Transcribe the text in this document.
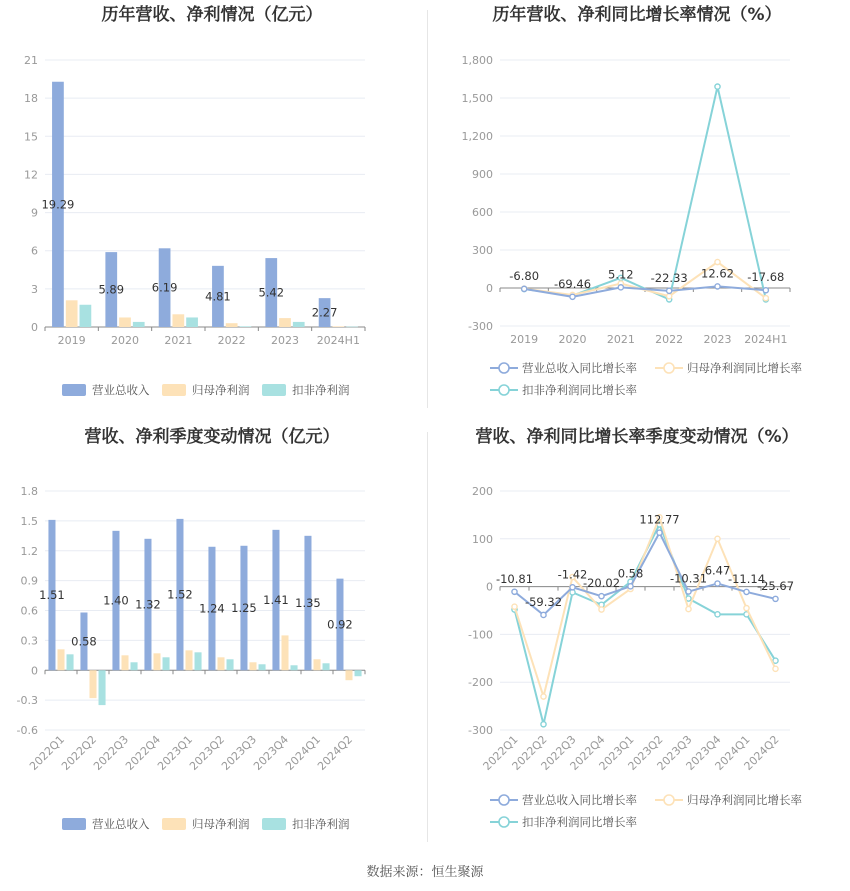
历年营收、净利情况（亿元）
21
18
15
12
9
6
3
0
2019 2020 2021 2022 2023 2024H1
19.29
5.89 6.19
4.81 5.42
2.27
营业总收入	归母净利润	扣非净利润
历年营收、净利同比增长率情况（%）
1,800
1,500
1,200
900
600
300
0
-300
2019 2020 2021 2022 2023 2024H1
-6.80
-69.46
5.12 -22.33 12.62 -17.68
营业总收入同比增长率	归母净利润同比增长率
扣非净利润同比增长率
营收、净利季度变动情况（亿元）
1.8
1.5
1.2
0.9
0.6
0.3
0
-0.3
-0.6
2022Q1
2022Q2
2022Q3
2022Q4
2023Q1
2023Q2
2023Q3
2023Q4
2024Q1
2024Q2
1.51
0.58
1.40 1.32
1.52
1.24 1.25
1.41 1.35
0.92
营业总收入	归母净利润	扣非净利润
营收、净利同比增长率季度变动情况（%）
200
100
0
-100
-200
-300
2022Q1
2022Q2
2022Q3
2022Q4
2023Q1
2023Q2
2023Q3
2023Q4
2024Q1
2024Q2
-10.81
-59.32
-1.42
-20.02
0.58
112.77
-10.31
6.47
-11.14
-25.67
营业总收入同比增长率	归母净利润同比增长率
扣非净利润同比增长率
数据来源：恒生聚源
